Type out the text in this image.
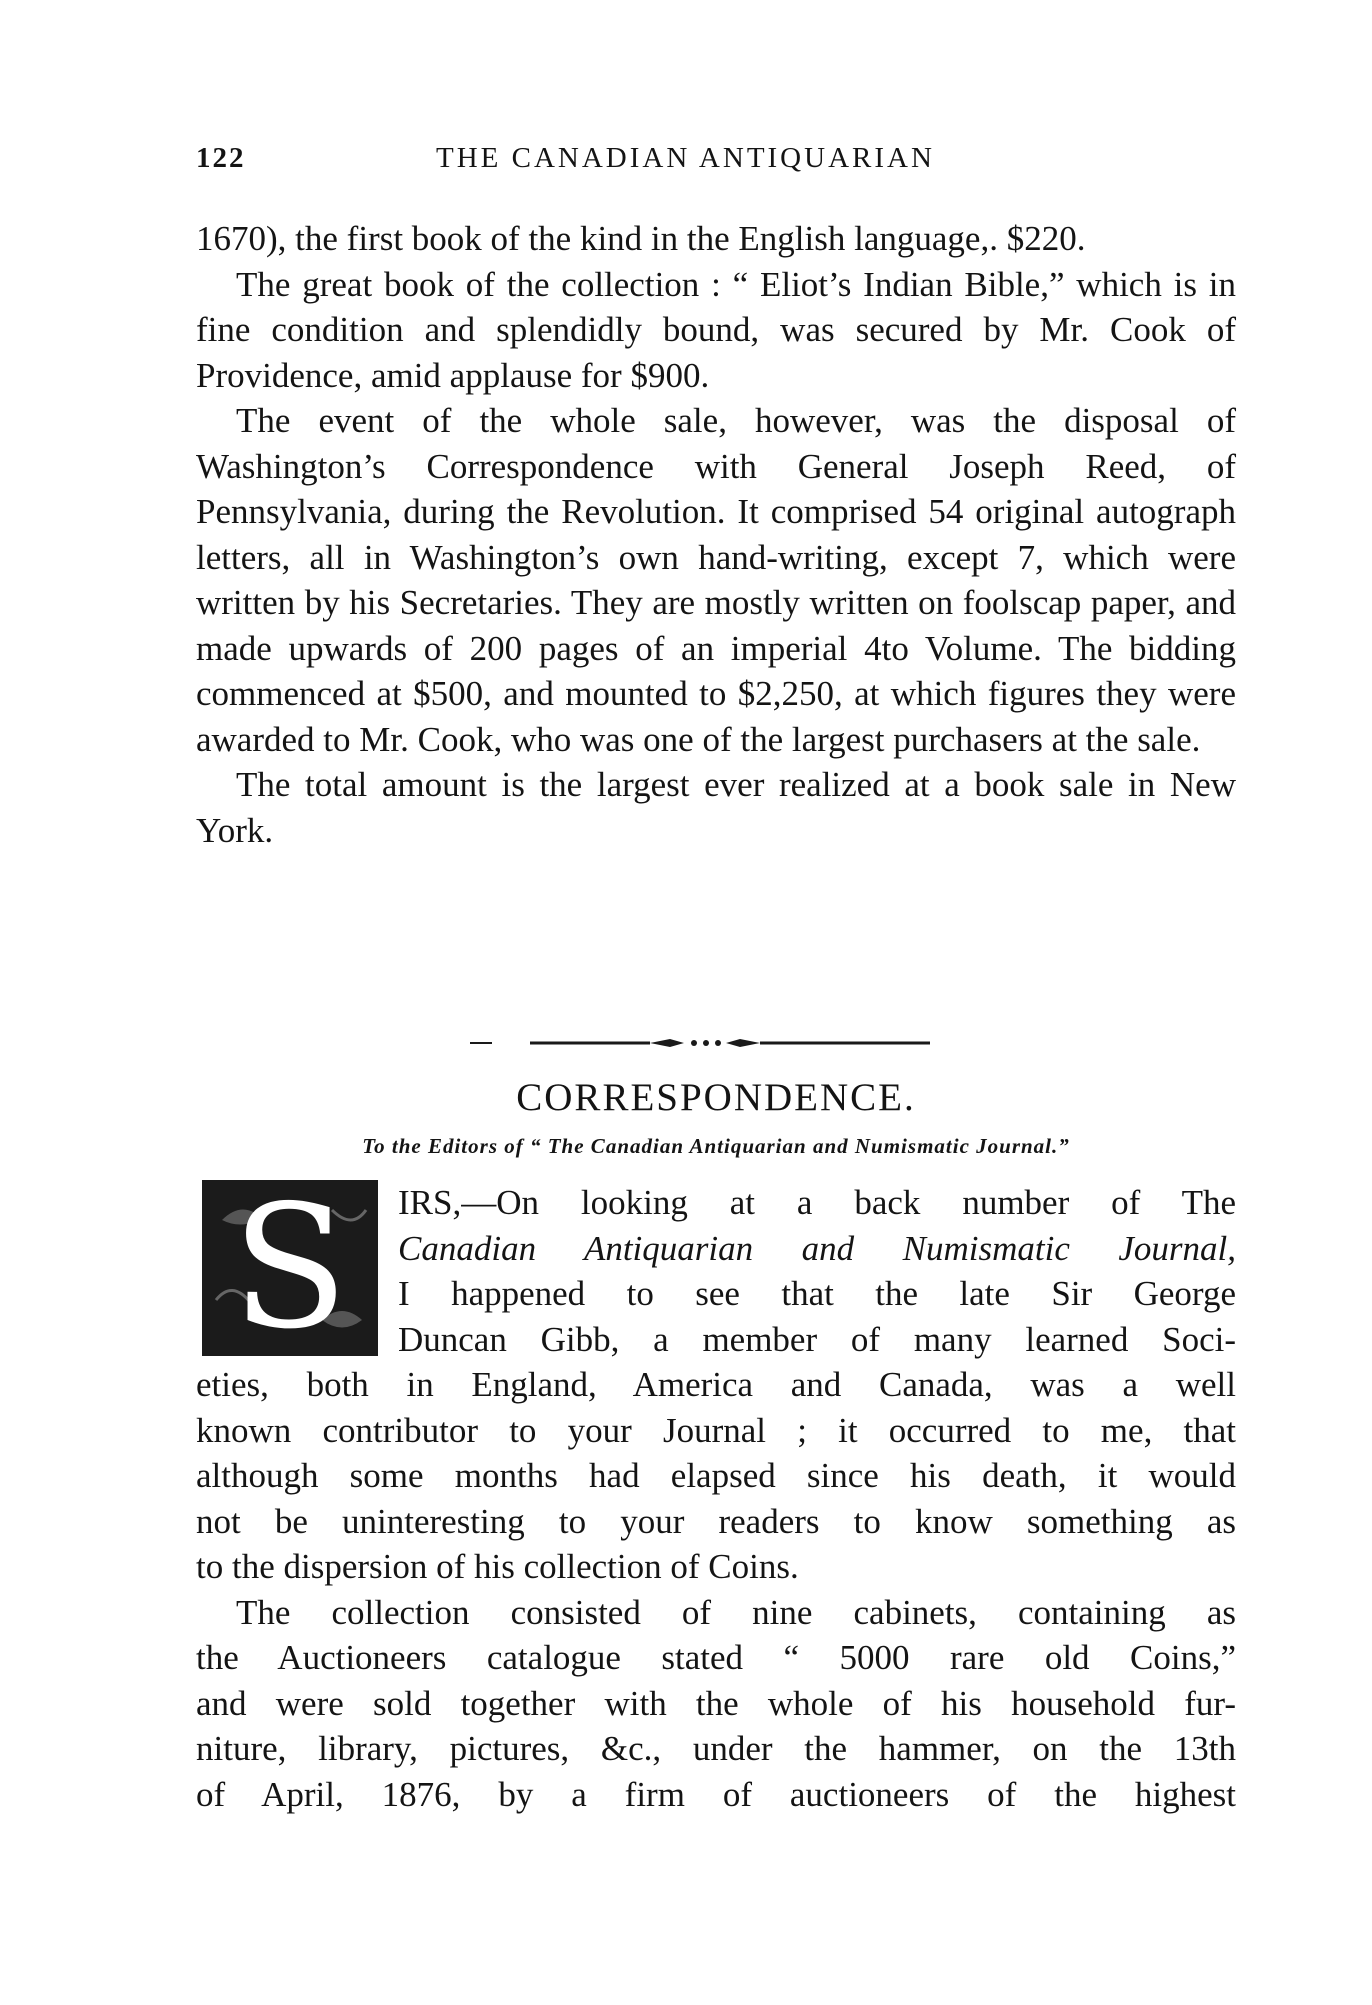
122	THE CANADIAN ANTIQUARIAN

1670), the first book of the kind in the English language,. $220.

The great book of the collection : “ Eliot’s Indian Bible,” which is in fine condition and splendidly bound, was secured by Mr. Cook of Providence, amid applause for $900.

The event of the whole sale, however, was the disposal of Washington’s Correspondence with General Joseph Reed, of Pennsylvania, during the Revolution. It comprised 54 original autograph letters, all in Washington’s own hand-writing, except 7, which were written by his Secretaries. They are mostly written on foolscap paper, and made upwards of 200 pages of an imperial 4to Volume. The bidding commenced at $500, and mounted to $2,250, at which figures they were awarded to Mr. Cook, who was one of the largest purchasers at the sale.

The total amount is the largest ever realized at a book sale in New York.

CORRESPONDENCE.
To the Editors of “ The Canadian Antiquarian and Numismatic Journal.”
S	IRS,—On looking at a back number of The
Canadian Antiquarian and Numismatic Journal,
I happened to see that the late Sir George
Duncan Gibb, a member of many learned Soci-
eties, both in England, America and Canada, was a well
known contributor to your Journal ; it occurred to me, that
although some months had elapsed since his death, it would
not be uninteresting to your readers to know something as
to the dispersion of his collection of Coins.
The collection consisted of nine cabinets, containing as
the Auctioneers catalogue stated “ 5000 rare old Coins,”
and were sold together with the whole of his household fur-
niture, library, pictures, &c., under the hammer, on the 13th
of April, 1876, by a firm of auctioneers of the highest
